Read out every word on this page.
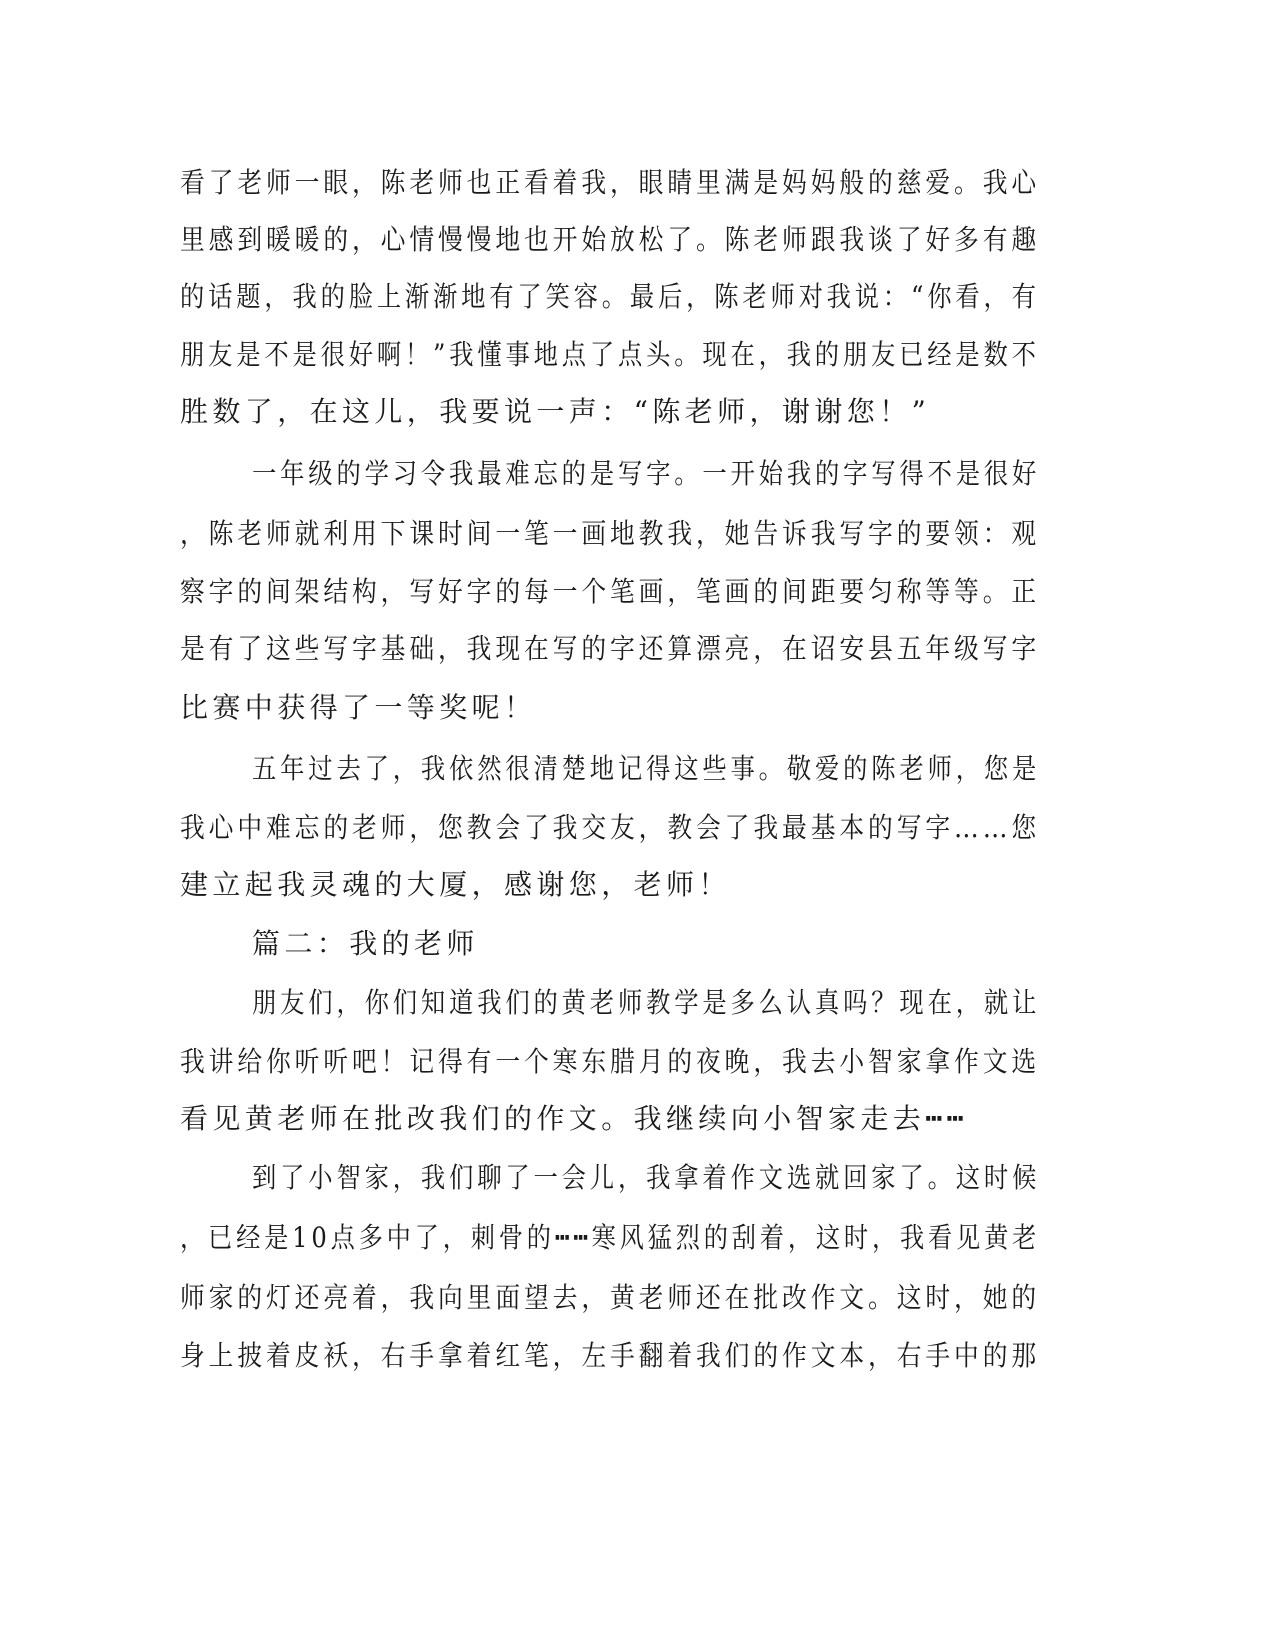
看了老师一眼，陈老师也正看着我，眼睛里满是妈妈般的慈爱。我心
里感到暖暖的，心情慢慢地也开始放松了。陈老师跟我谈了好多有趣
的话题，我的脸上渐渐地有了笑容。最后，陈老师对我说：“你看，有
朋友是不是很好啊！”我懂事地点了点头。现在，我的朋友已经是数不
胜数了，在这儿，我要说一声：“陈老师，谢谢您！”
一年级的学习令我最难忘的是写字。一开始我的字写得不是很好
，陈老师就利用下课时间一笔一画地教我，她告诉我写字的要领：观
察字的间架结构，写好字的每一个笔画，笔画的间距要匀称等等。正
是有了这些写字基础，我现在写的字还算漂亮，在诏安县五年级写字
比赛中获得了一等奖呢！
五年过去了，我依然很清楚地记得这些事。敬爱的陈老师，您是
我心中难忘的老师，您教会了我交友，教会了我最基本的写字……您
建立起我灵魂的大厦，感谢您，老师！
篇二：我的老师
朋友们，你们知道我们的黄老师教学是多么认真吗？现在，就让
我讲给你听听吧！记得有一个寒东腊月的夜晚，我去小智家拿作文选
看见黄老师在批改我们的作文。我继续向小智家走去┅┅
到了小智家，我们聊了一会儿，我拿着作文选就回家了。这时候
，已经是10点多中了，刺骨的┅┅寒风猛烈的刮着，这时，我看见黄老
师家的灯还亮着，我向里面望去，黄老师还在批改作文。这时，她的
身上披着皮袄，右手拿着红笔，左手翻着我们的作文本，右手中的那
